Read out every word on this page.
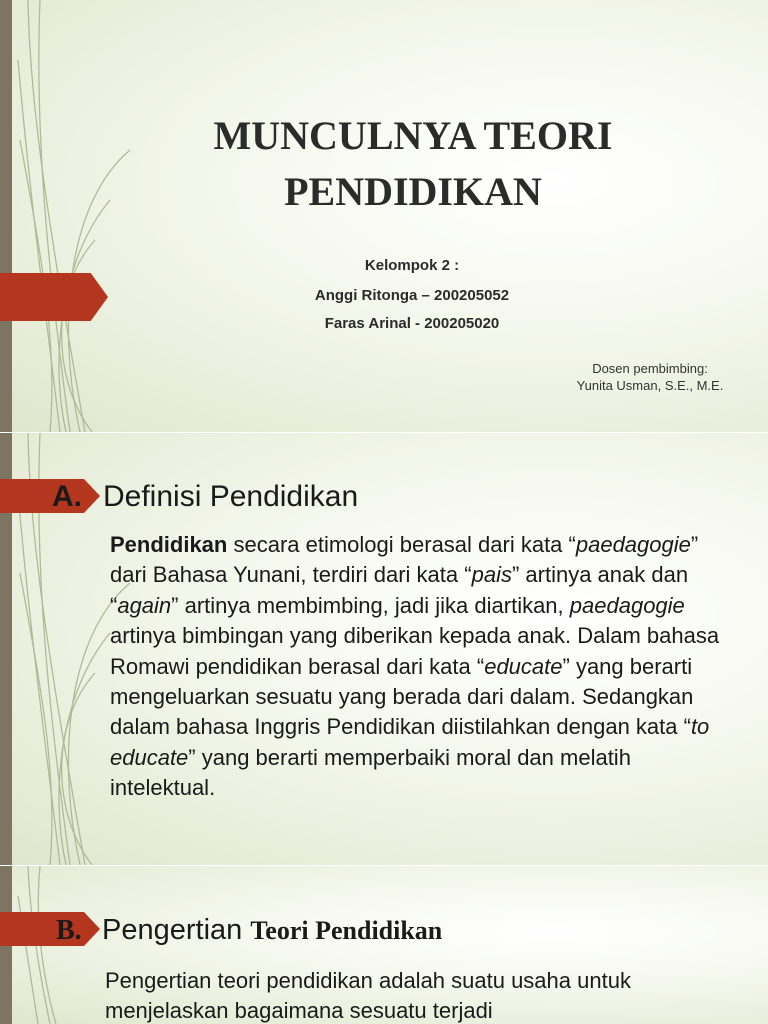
MUNCULNYA TEORI PENDIDIKAN
Kelompok 2 :
Anggi Ritonga – 200205052
Faras Arinal - 200205020
Dosen pembimbing:
Yunita Usman, S.E., M.E.
A. Definisi Pendidikan

Pendidikan secara etimologi berasal dari kata “paedagogie” dari Bahasa Yunani, terdiri dari kata “pais” artinya anak dan “again” artinya membimbing, jadi jika diartikan, paedagogie artinya bimbingan yang diberikan kepada anak. Dalam bahasa Romawi pendidikan berasal dari kata “educate” yang berarti mengeluarkan sesuatu yang berada dari dalam. Sedangkan dalam bahasa Inggris Pendidikan diistilahkan dengan kata “to educate” yang berarti memperbaiki moral dan melatih intelektual.

B. Pengertian Teori Pendidikan

Pengertian teori pendidikan adalah suatu usaha untuk menjelaskan bagaimana sesuatu terjadi
